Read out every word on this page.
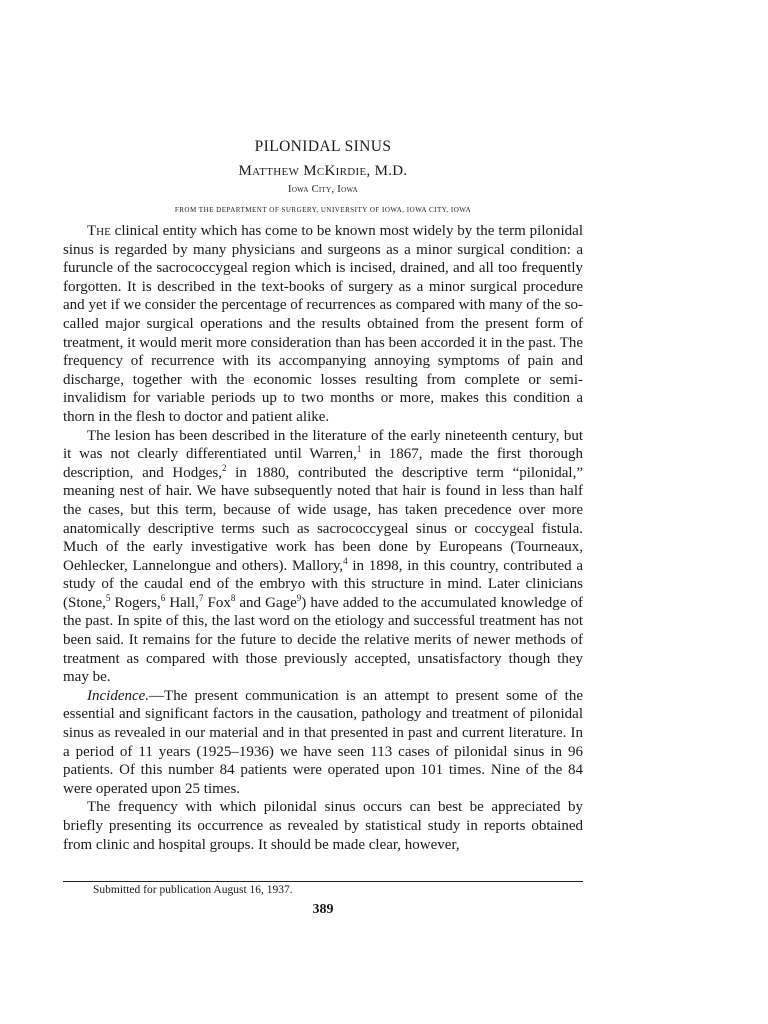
PILONIDAL SINUS
Matthew McKirdie, M.D.
Iowa City, Iowa
FROM THE DEPARTMENT OF SURGERY, UNIVERSITY OF IOWA, IOWA CITY, IOWA

The clinical entity which has come to be known most widely by the term pilonidal sinus is regarded by many physicians and surgeons as a minor surgical condition: a furuncle of the sacrococcygeal region which is incised, drained, and all too frequently forgotten. It is described in the text-books of surgery as a minor surgical procedure and yet if we consider the percentage of recurrences as compared with many of the so-called major surgical operations and the results obtained from the present form of treatment, it would merit more consideration than has been accorded it in the past. The frequency of recurrence with its accompanying annoying symptoms of pain and discharge, together with the economic losses resulting from complete or semi-invalidism for variable periods up to two months or more, makes this condition a thorn in the flesh to doctor and patient alike.

The lesion has been described in the literature of the early nineteenth century, but it was not clearly differentiated until Warren,$^1$ in 1867, made the first thorough description, and Hodges,$^2$ in 1880, contributed the descriptive term “pilonidal,” meaning nest of hair. We have subsequently noted that hair is found in less than half the cases, but this term, because of wide usage, has taken precedence over more anatomically descriptive terms such as sacrococcygeal sinus or coccygeal fistula. Much of the early investigative work has been done by Europeans (Tourneaux, Oehlecker, Lannelongue and others). Mallory,$^4$ in 1898, in this country, contributed a study of the caudal end of the embryo with this structure in mind. Later clinicians (Stone,$^5$ Rogers,$^6$ Hall,$^7$ Fox$^8$ and Gage$^9$) have added to the accumulated knowledge of the past. In spite of this, the last word on the etiology and successful treatment has not been said. It remains for the future to decide the relative merits of newer methods of treatment as compared with those previously accepted, unsatisfactory though they may be.

Incidence.—The present communication is an attempt to present some of the essential and significant factors in the causation, pathology and treatment of pilonidal sinus as revealed in our material and in that presented in past and current literature. In a period of 11 years (1925–1936) we have seen 113 cases of pilonidal sinus in 96 patients. Of this number 84 patients were operated upon 101 times. Nine of the 84 were operated upon 25 times.

The frequency with which pilonidal sinus occurs can best be appreciated by briefly presenting its occurrence as revealed by statistical study in reports obtained from clinic and hospital groups. It should be made clear, however,

Submitted for publication August 16, 1937.
389
